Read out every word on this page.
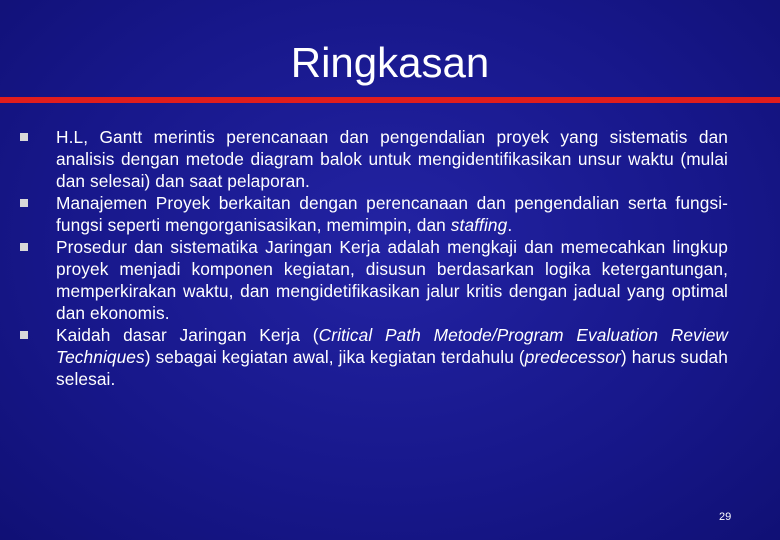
Ringkasan
H.L, Gantt merintis perencanaan dan pengendalian proyek yang sistematis dan analisis dengan metode diagram balok untuk mengidentifikasikan unsur waktu (mulai dan selesai) dan saat pelaporan.
Manajemen Proyek berkaitan dengan perencanaan dan pengendalian serta fungsi-fungsi seperti mengorganisasikan, memimpin, dan staffing.
Prosedur dan sistematika Jaringan Kerja adalah mengkaji dan memecahkan lingkup proyek menjadi komponen kegiatan, disusun berdasarkan logika ketergantungan, memperkirakan waktu, dan mengidetifikasikan jalur kritis dengan jadual yang optimal dan ekonomis.
Kaidah dasar Jaringan Kerja (Critical Path Metode/Program Evaluation Review Techniques) sebagai kegiatan awal, jika kegiatan terdahulu (predecessor) harus sudah selesai.
29
